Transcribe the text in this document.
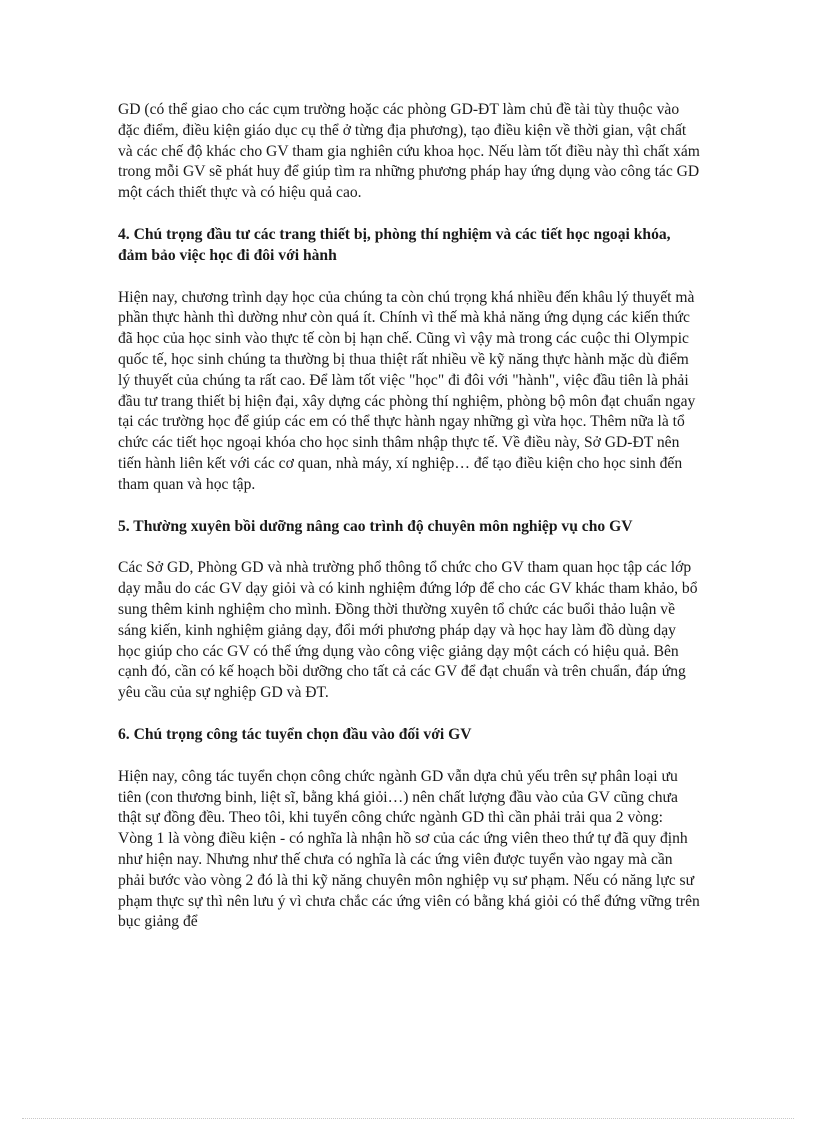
GD (có thể giao cho các cụm trường hoặc các phòng GD-ĐT làm chủ đề tài tùy thuộc vào đặc điểm, điều kiện giáo dục cụ thể ở từng địa phương), tạo điều kiện về thời gian, vật chất và các chế độ khác cho GV tham gia nghiên cứu khoa học. Nếu làm tốt điều này thì chất xám trong mỗi GV sẽ phát huy để giúp tìm ra những phương pháp hay ứng dụng vào công tác GD một cách thiết thực và có hiệu quả cao.

4. Chú trọng đầu tư các trang thiết bị, phòng thí nghiệm và các tiết học ngoại khóa, đảm bảo việc học đi đôi với hành

Hiện nay, chương trình dạy học của chúng ta còn chú trọng khá nhiều đến khâu lý thuyết mà phần thực hành thì dường như còn quá ít. Chính vì thế mà khả năng ứng dụng các kiến thức đã học của học sinh vào thực tế còn bị hạn chế. Cũng vì vậy mà trong các cuộc thi Olympic quốc tế, học sinh chúng ta thường bị thua thiệt rất nhiều về kỹ năng thực hành mặc dù điểm lý thuyết của chúng ta rất cao. Để làm tốt việc "học" đi đôi với "hành", việc đầu tiên là phải đầu tư trang thiết bị hiện đại, xây dựng các phòng thí nghiệm, phòng bộ môn đạt chuẩn ngay tại các trường học để giúp các em có thể thực hành ngay những gì vừa học. Thêm nữa là tổ chức các tiết học ngoại khóa cho học sinh thâm nhập thực tế. Về điều này, Sở GD-ĐT nên tiến hành liên kết với các cơ quan, nhà máy, xí nghiệp… để tạo điều kiện cho học sinh đến tham quan và học tập.

5. Thường xuyên bồi dưỡng nâng cao trình độ chuyên môn nghiệp vụ cho GV

Các Sở GD, Phòng GD và nhà trường phổ thông tổ chức cho GV tham quan học tập các lớp dạy mẫu do các GV dạy giỏi và có kinh nghiệm đứng lớp để cho các GV khác tham khảo, bổ sung thêm kinh nghiệm cho mình. Đồng thời thường xuyên tổ chức các buổi thảo luận về sáng kiến, kinh nghiệm giảng dạy, đổi mới phương pháp dạy và học hay làm đồ dùng dạy học giúp cho các GV có thể ứng dụng vào công việc giảng dạy một cách có hiệu quả. Bên cạnh đó, cần có kế hoạch bồi dưỡng cho tất cả các GV để đạt chuẩn và trên chuẩn, đáp ứng yêu cầu của sự nghiệp GD và ĐT.

6. Chú trọng công tác tuyển chọn đầu vào đối với GV

Hiện nay, công tác tuyển chọn công chức ngành GD vẫn dựa chủ yếu trên sự phân loại ưu tiên (con thương binh, liệt sĩ, bằng khá giỏi…) nên chất lượng đầu vào của GV cũng chưa thật sự đồng đều. Theo tôi, khi tuyển công chức ngành GD thì cần phải trải qua 2 vòng: Vòng 1 là vòng điều kiện - có nghĩa là nhận hồ sơ của các ứng viên theo thứ tự đã quy định như hiện nay. Nhưng như thế chưa có nghĩa là các ứng viên được tuyển vào ngay mà cần phải bước vào vòng 2 đó là thi kỹ năng chuyên môn nghiệp vụ sư phạm. Nếu có năng lực sư phạm thực sự thì nên lưu ý vì chưa chắc các ứng viên có bằng khá giỏi có thể đứng vững trên bục giảng để
